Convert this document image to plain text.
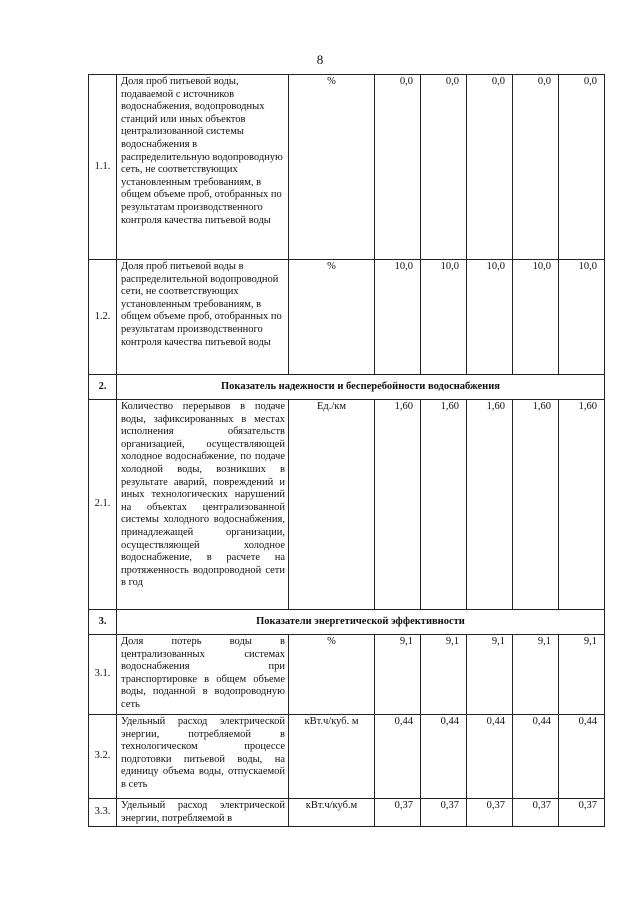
8
1.1.	Доля проб питьевой воды, подаваемой с источников водоснабжения, водопроводных станций или иных объектов централизованной системы водоснабжения в распределительную водопроводную сеть, не соответствующих установленным требованиям, в общем объеме проб, отобранных по результатам производственного контроля качества питьевой воды	%	0,0	0,0	0,0	0,0	0,0
1.2.	Доля проб питьевой воды в распределительной водопроводной сети, не соответствующих установленным требованиям, в общем объеме проб, отобранных по результатам производственного контроля качества питьевой воды	%	10,0	10,0	10,0	10,0	10,0
2.	Показатель надежности и бесперебойности водоснабжения						
2.1.	Количество перерывов в подаче воды, зафиксированных в местах исполнения обязательств организацией, осуществляющей холодное водоснабжение, по подаче холодной воды, возникших в результате аварий, повреждений и иных технологических нарушений на объектах централизованной системы холодного водоснабжения, принадлежащей организации, осуществляющей холодное водоснабжение, в расчете на протяженность водопроводной сети в год	Ед./км	1,60	1,60	1,60	1,60	1,60
3.	Показатели энергетической эффективности						
3.1.	Доля потерь воды в централизованных системах водоснабжения при транспортировке в общем объеме воды, поданной в водопроводную сеть	%	9,1	9,1	9,1	9,1	9,1
3.2.	Удельный расход электрической энергии, потребляемой в технологическом процессе подготовки питьевой воды, на единицу объема воды, отпускаемой в сеть	кВт.ч/куб. м	0,44	0,44	0,44	0,44	0,44
3.3.	Удельный расход электрической энергии, потребляемой в	кВт.ч/куб.м	0,37	0,37	0,37	0,37	0,37
